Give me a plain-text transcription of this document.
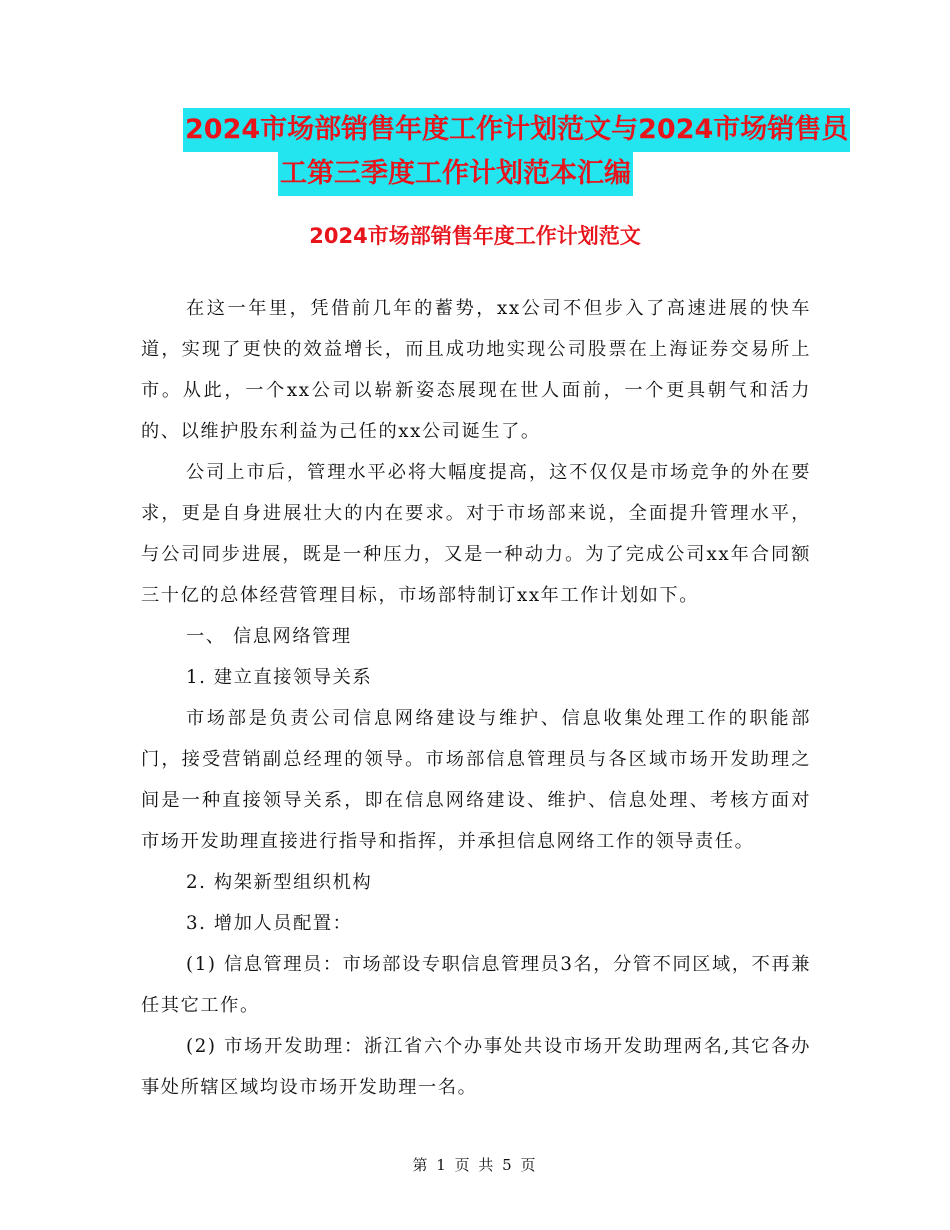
2024市场部销售年度工作计划范文与2024市场销售员
工第三季度工作计划范本汇编
2024市场部销售年度工作计划范文

在这一年里，凭借前几年的蓄势，xx公司不但步入了高速进展的快车道，实现了更快的效益增长，而且成功地实现公司股票在上海证券交易所上市。从此，一个xx公司以崭新姿态展现在世人面前，一个更具朝气和活力的、以维护股东利益为己任的xx公司诞生了。

公司上市后，管理水平必将大幅度提高，这不仅仅是市场竞争的外在要求，更是自身进展壮大的内在要求。对于市场部来说，全面提升管理水平，与公司同步进展，既是一种压力，又是一种动力。为了完成公司xx年合同额三十亿的总体经营管理目标，市场部特制订xx年工作计划如下。

一、 信息网络管理

1. 建立直接领导关系

市场部是负责公司信息网络建设与维护、信息收集处理工作的职能部门，接受营销副总经理的领导。市场部信息管理员与各区域市场开发助理之间是一种直接领导关系，即在信息网络建设、维护、信息处理、考核方面对市场开发助理直接进行指导和指挥，并承担信息网络工作的领导责任。

2. 构架新型组织机构

3. 增加人员配置：

(1) 信息管理员：市场部设专职信息管理员3名，分管不同区域，不再兼任其它工作。

(2) 市场开发助理：浙江省六个办事处共设市场开发助理两名,其它各办事处所辖区域均设市场开发助理一名。

第 1 页 共 5 页
